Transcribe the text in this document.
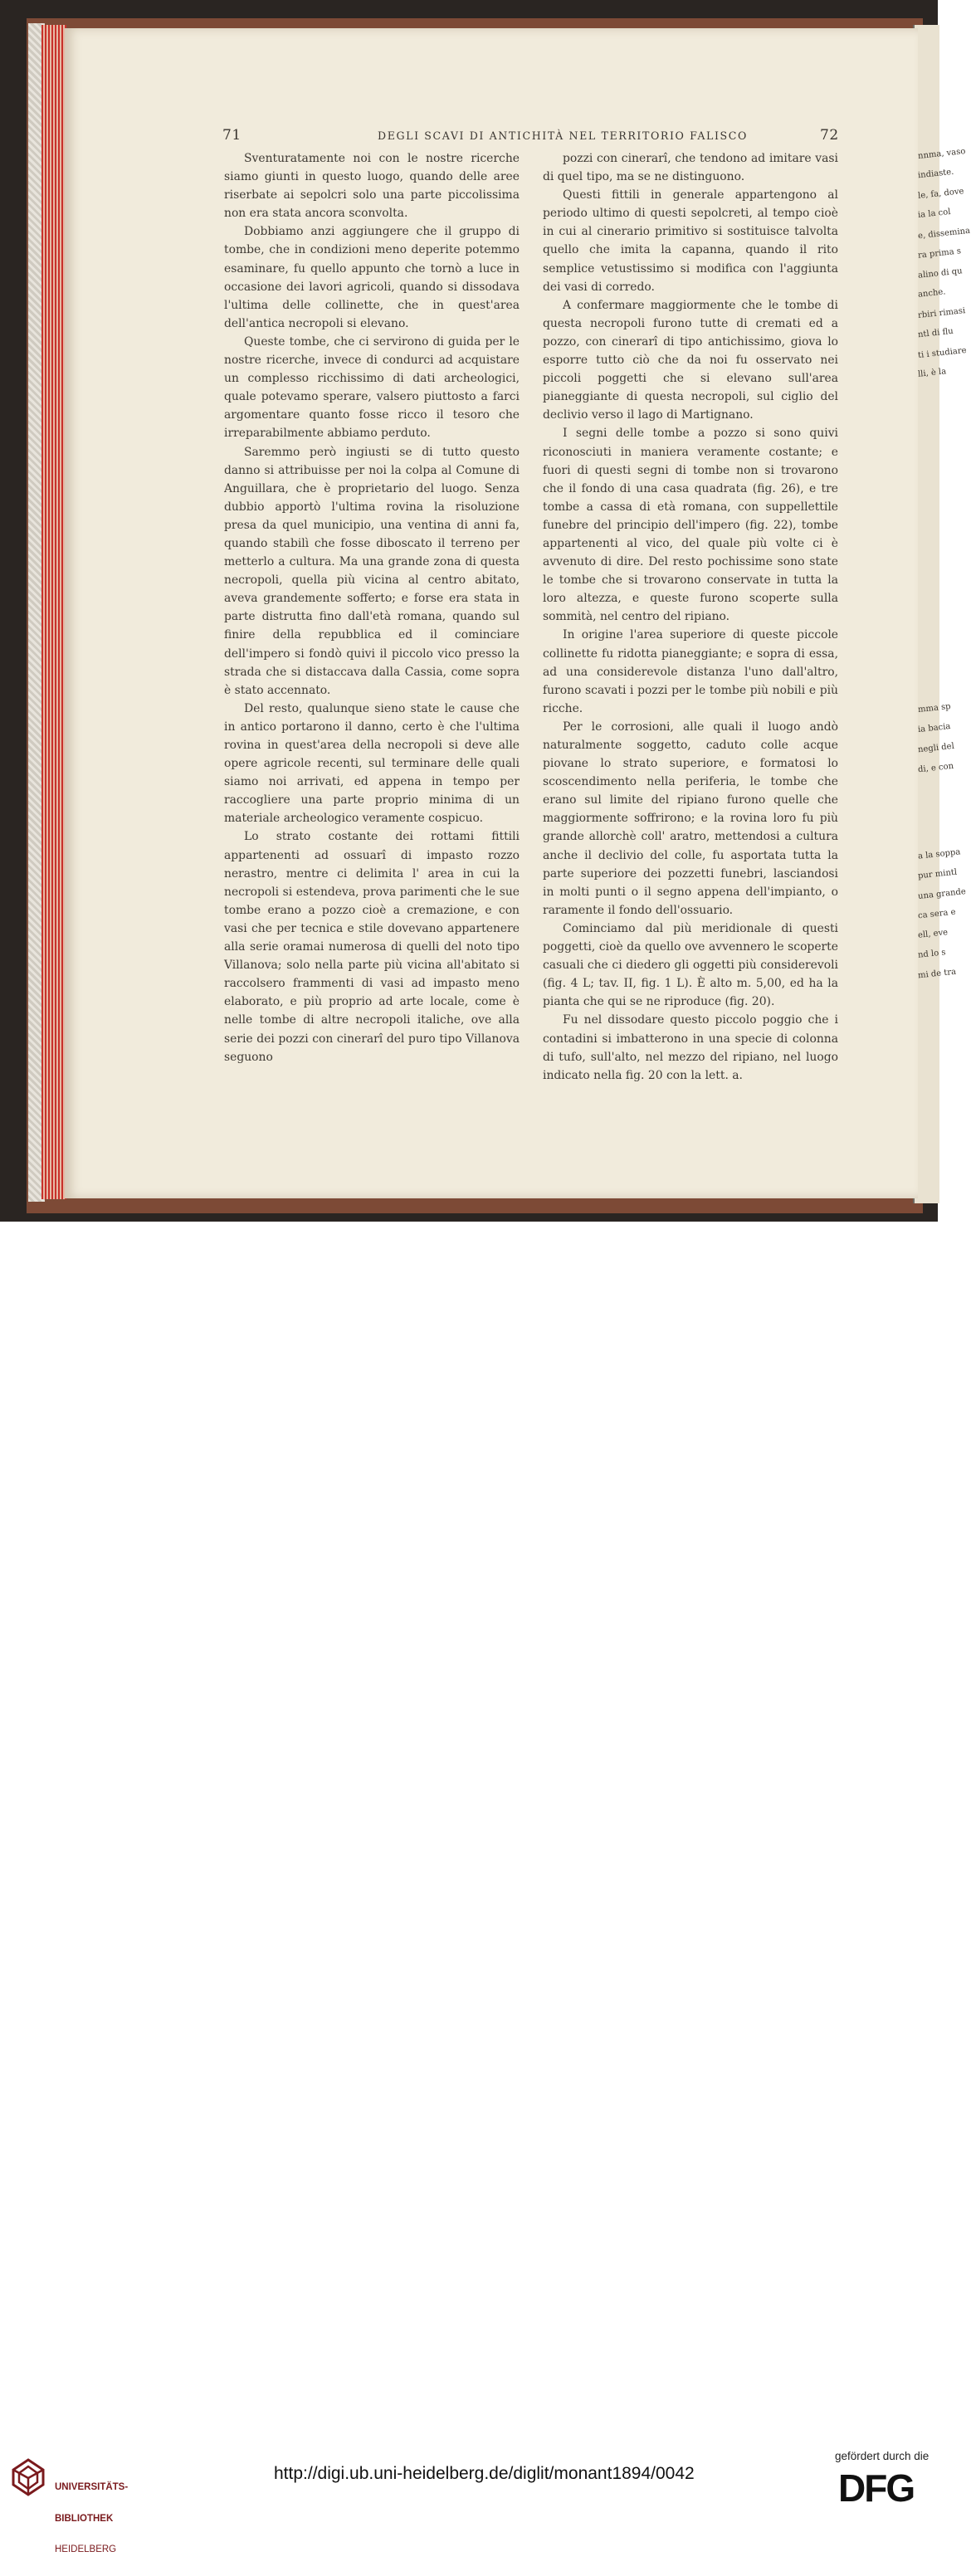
nnma, vaso
indiaste.
le, fa, dove
ia la col
e, dissemina
ra prima s
alino di qu
anche.
rbiri rimasi
ntl di flu
ti i studiare
lli, è la
mma sp
ia bacia
negli del
di, e con
a la soppa
pur mintl
una grande
ca sera e
ell, eve
nd lo s
mi de tra
71	DEGLI SCAVI DI ANTICHITÀ NEL TERRITORIO FALISCO	72

Sventuratamente noi con le nostre ricerche siamo giunti in questo luogo, quando delle aree riserbate ai sepolcri solo una parte piccolissima non era stata ancora sconvolta.

Dobbiamo anzi aggiungere che il gruppo di tombe, che in condizioni meno deperite potemmo esaminare, fu quello appunto che tornò a luce in occasione dei lavori agricoli, quando si dissodava l'ultima delle collinette, che in quest'area dell'antica necropoli si elevano.

Queste tombe, che ci servirono di guida per le nostre ricerche, invece di condurci ad acquistare un complesso ricchissimo di dati archeologici, quale potevamo sperare, valsero piuttosto a farci argomentare quanto fosse ricco il tesoro che irreparabilmente abbiamo perduto.

Saremmo però ingiusti se di tutto questo danno si attribuisse per noi la colpa al Comune di Anguillara, che è proprietario del luogo. Senza dubbio apportò l'ultima rovina la risoluzione presa da quel municipio, una ventina di anni fa, quando stabilì che fosse diboscato il terreno per metterlo a cultura. Ma una grande zona di questa necropoli, quella più vicina al centro abitato, aveva grandemente sofferto; e forse era stata in parte distrutta fino dall'età romana, quando sul finire della repubblica ed il cominciare dell'impero si fondò quivi il piccolo vico presso la strada che si distaccava dalla Cassia, come sopra è stato accennato.

Del resto, qualunque sieno state le cause che in antico portarono il danno, certo è che l'ultima rovina in quest'area della necropoli si deve alle opere agricole recenti, sul terminare delle quali siamo noi arrivati, ed appena in tempo per raccogliere una parte proprio minima di un materiale archeologico veramente cospicuo.

Lo strato costante dei rottami fittili appartenenti ad ossuarî di impasto rozzo nerastro, mentre ci delimita l' area in cui la necropoli si estendeva, prova parimenti che le sue tombe erano a pozzo cioè a cremazione, e con vasi che per tecnica e stile dovevano appartenere alla serie oramai numerosa di quelli del noto tipo Villanova; solo nella parte più vicina all'abitato si raccolsero frammenti di vasi ad impasto meno elaborato, e più proprio ad arte locale, come è nelle tombe di altre necropoli italiche, ove alla serie dei pozzi con cinerarî del puro tipo Villanova seguono

pozzi con cinerarî, che tendono ad imitare vasi di quel tipo, ma se ne distinguono.

Questi fittili in generale appartengono al periodo ultimo di questi sepolcreti, al tempo cioè in cui al cinerario primitivo si sostituisce talvolta quello che imita la capanna, quando il rito semplice vetustissimo si modifica con l'aggiunta dei vasi di corredo.

A confermare maggiormente che le tombe di questa necropoli furono tutte di cremati ed a pozzo, con cinerarî di tipo antichissimo, giova lo esporre tutto ciò che da noi fu osservato nei piccoli poggetti che si elevano sull'area pianeggiante di questa necropoli, sul ciglio del declivio verso il lago di Martignano.

I segni delle tombe a pozzo si sono quivi riconosciuti in maniera veramente costante; e fuori di questi segni di tombe non si trovarono che il fondo di una casa quadrata (fig. 26), e tre tombe a cassa di età romana, con suppellettile funebre del principio dell'impero (fig. 22), tombe appartenenti al vico, del quale più volte ci è avvenuto di dire. Del resto pochissime sono state le tombe che si trovarono conservate in tutta la loro altezza, e queste furono scoperte sulla sommità, nel centro del ripiano.

In origine l'area superiore di queste piccole collinette fu ridotta pianeggiante; e sopra di essa, ad una considerevole distanza l'uno dall'altro, furono scavati i pozzi per le tombe più nobili e più ricche.

Per le corrosioni, alle quali il luogo andò naturalmente soggetto, caduto colle acque piovane lo strato superiore, e formatosi lo scoscendimento nella periferia, le tombe che erano sul limite del ripiano furono quelle che maggiormente soffrirono; e la rovina loro fu più grande allorchè coll' aratro, mettendosi a cultura anche il declivio del colle, fu asportata tutta la parte superiore dei pozzetti funebri, lasciandosi in molti punti o il segno appena dell'impianto, o raramente il fondo dell'ossuario.

Cominciamo dal più meridionale di questi poggetti, cioè da quello ove avvennero le scoperte casuali che ci diedero gli oggetti più considerevoli (fig. 4 L; tav. II, fig. 1 L). È alto m. 5,00, ed ha la pianta che qui se ne riproduce (fig. 20).

Fu nel dissodare questo piccolo poggio che i contadini si imbatterono in una specie di colonna di tufo, sull'alto, nel mezzo del ripiano, nel luogo indicato nella fig. 20 con la lett. a.

UNIVERSITÄTS-

BIBLIOTHEK

HEIDELBERG

http://digi.ub.uni-heidelberg.de/diglit/monant1894/0042
gefördert durch die
DFG
